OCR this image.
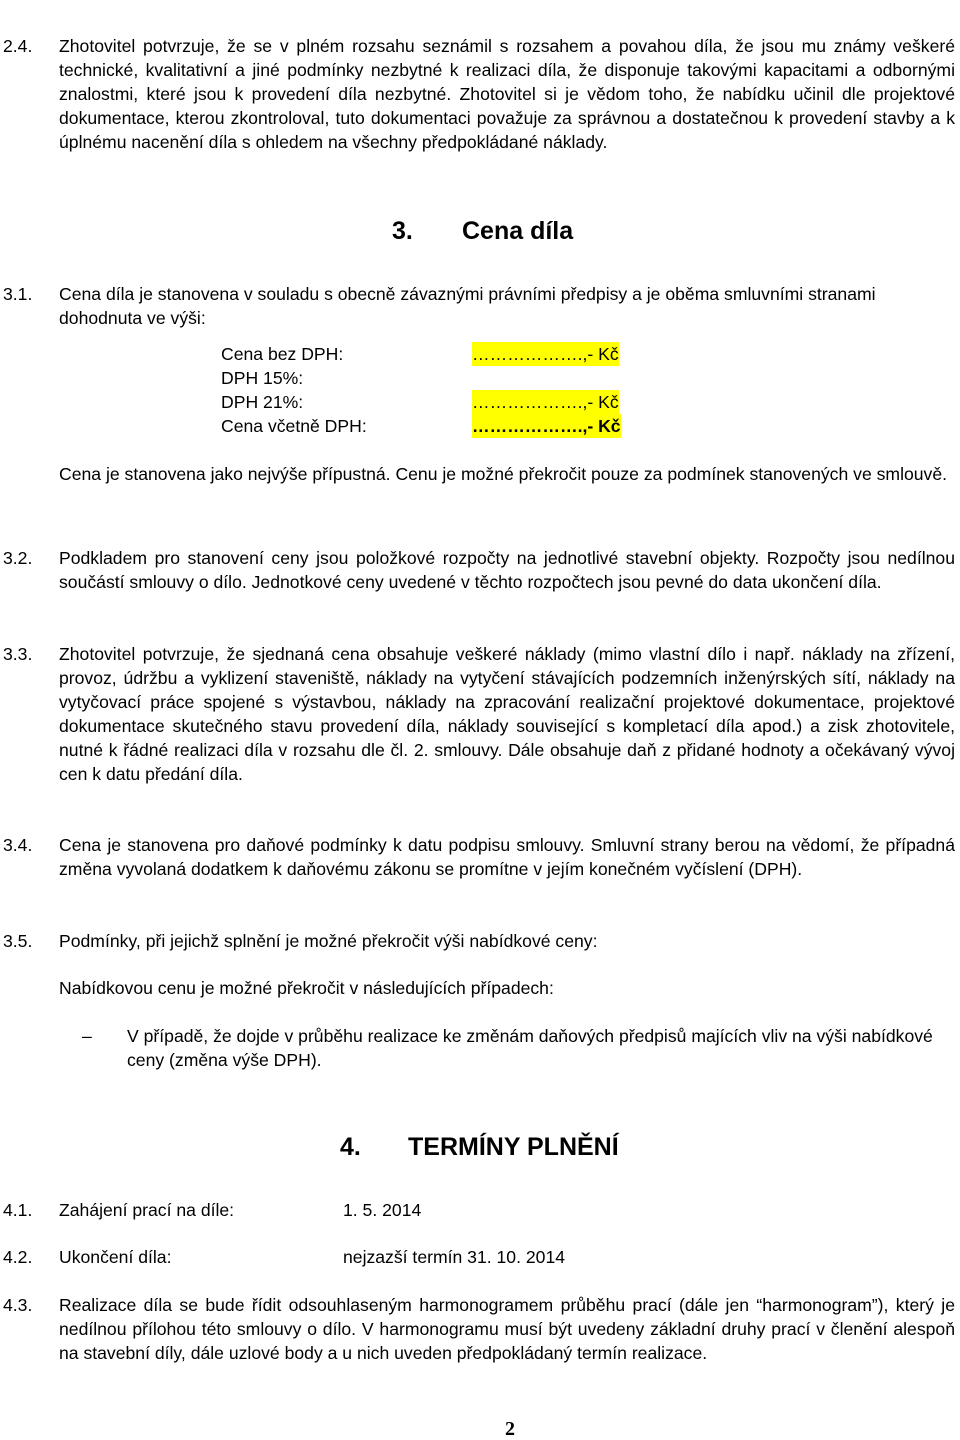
2.4. Zhotovitel potvrzuje, že se v plném rozsahu seznámil s rozsahem a povahou díla, že jsou mu známy veškeré technické, kvalitativní a jiné podmínky nezbytné k realizaci díla, že disponuje takovými kapacitami a odbornými znalostmi, které jsou k provedení díla nezbytné. Zhotovitel si je vědom toho, že nabídku učinil dle projektové dokumentace, kterou zkontroloval, tuto dokumentaci považuje za správnou a dostatečnou k provedení stavby a k úplnému nacenění díla s ohledem na všechny předpokládané náklady.
3. Cena díla
3.1. Cena díla je stanovena v souladu s obecně závaznými právními předpisy a je oběma smluvními stranami dohodnuta ve výši:
Cena bez DPH:	……………….,- Kč
DPH 15%:
DPH 21%:	……………….,- Kč
Cena včetně DPH:	……………….,- Kč
Cena je stanovena jako nejvýše přípustná. Cenu je možné překročit pouze za podmínek stanovených ve smlouvě.
3.2. Podkladem pro stanovení ceny jsou položkové rozpočty na jednotlivé stavební objekty. Rozpočty jsou nedílnou součástí smlouvy o dílo. Jednotkové ceny uvedené v těchto rozpočtech jsou pevné do data ukončení díla.
3.3. Zhotovitel potvrzuje, že sjednaná cena obsahuje veškeré náklady (mimo vlastní dílo i např. náklady na zřízení, provoz, údržbu a vyklizení staveniště, náklady na vytyčení stávajících podzemních inženýrských sítí, náklady na vytyčovací práce spojené s výstavbou, náklady na zpracování realizační projektové dokumentace, projektové dokumentace skutečného stavu provedení díla, náklady související s kompletací díla apod.) a zisk zhotovitele, nutné k řádné realizaci díla v rozsahu dle čl. 2. smlouvy. Dále obsahuje daň z přidané hodnoty a očekávaný vývoj cen k datu předání díla.
3.4. Cena je stanovena pro daňové podmínky k datu podpisu smlouvy. Smluvní strany berou na vědomí, že případná změna vyvolaná dodatkem k daňovému zákonu se promítne v jejím konečném vyčíslení (DPH).
3.5. Podmínky, při jejichž splnění je možné překročit výši nabídkové ceny:
Nabídkovou cenu je možné překročit v následujících případech:
– V případě, že dojde v průběhu realizace ke změnám daňových předpisů majících vliv na výši nabídkové ceny (změna výše DPH).
4. TERMÍNY PLNĚNÍ
4.1. Zahájení prací na díle:	1. 5. 2014
4.2. Ukončení díla:	nejzazší termín 31. 10. 2014
4.3. Realizace díla se bude řídit odsouhlaseným harmonogramem průběhu prací (dále jen “harmonogram”), který je nedílnou přílohou této smlouvy o dílo. V harmonogramu musí být uvedeny základní druhy prací v členění alespoň na stavební díly, dále uzlové body a u nich uveden předpokládaný termín realizace.
2
